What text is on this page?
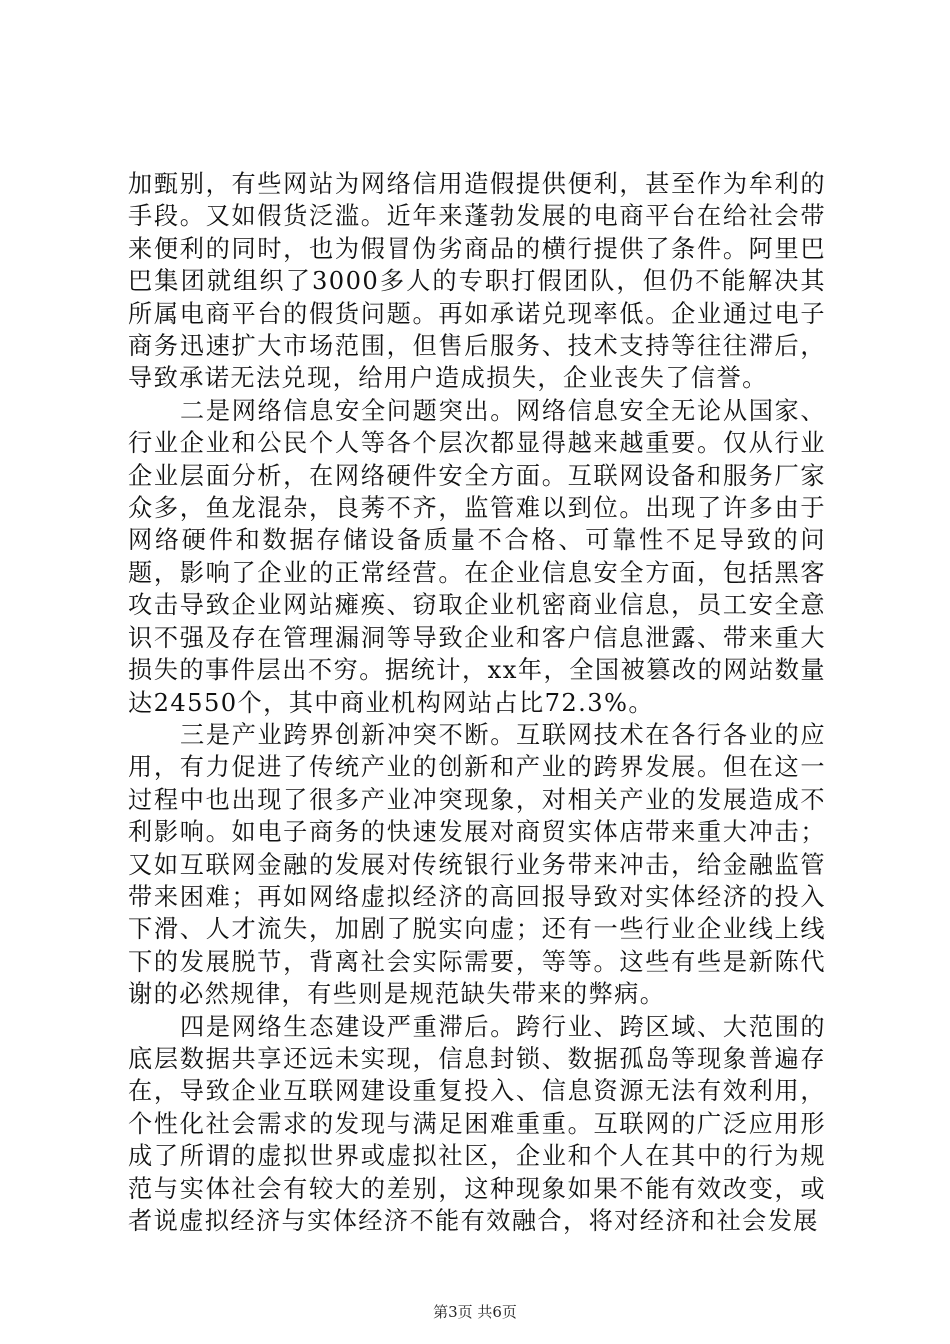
加甄别，有些网站为网络信用造假提供便利，甚至作为牟利的手段。又如假货泛滥。近年来蓬勃发展的电商平台在给社会带来便利的同时，也为假冒伪劣商品的横行提供了条件。阿里巴巴集团就组织了3000多人的专职打假团队，但仍不能解决其所属电商平台的假货问题。再如承诺兑现率低。企业通过电子商务迅速扩大市场范围，但售后服务、技术支持等往往滞后，导致承诺无法兑现，给用户造成损失，企业丧失了信誉。

二是网络信息安全问题突出。网络信息安全无论从国家、行业企业和公民个人等各个层次都显得越来越重要。仅从行业企业层面分析，在网络硬件安全方面。互联网设备和服务厂家众多，鱼龙混杂，良莠不齐，监管难以到位。出现了许多由于网络硬件和数据存储设备质量不合格、可靠性不足导致的问题，影响了企业的正常经营。在企业信息安全方面，包括黑客攻击导致企业网站瘫痪、窃取企业机密商业信息，员工安全意识不强及存在管理漏洞等导致企业和客户信息泄露、带来重大损失的事件层出不穷。据统计，xx年，全国被篡改的网站数量达24550个，其中商业机构网站占比72.3%。

三是产业跨界创新冲突不断。互联网技术在各行各业的应用，有力促进了传统产业的创新和产业的跨界发展。但在这一过程中也出现了很多产业冲突现象，对相关产业的发展造成不利影响。如电子商务的快速发展对商贸实体店带来重大冲击；又如互联网金融的发展对传统银行业务带来冲击，给金融监管带来困难；再如网络虚拟经济的高回报导致对实体经济的投入下滑、人才流失，加剧了脱实向虚；还有一些行业企业线上线下的发展脱节，背离社会实际需要，等等。这些有些是新陈代谢的必然规律，有些则是规范缺失带来的弊病。

四是网络生态建设严重滞后。跨行业、跨区域、大范围的底层数据共享还远未实现，信息封锁、数据孤岛等现象普遍存在，导致企业互联网建设重复投入、信息资源无法有效利用，个性化社会需求的发现与满足困难重重。互联网的广泛应用形成了所谓的虚拟世界或虚拟社区，企业和个人在其中的行为规范与实体社会有较大的差别，这种现象如果不能有效改变，或者说虚拟经济与实体经济不能有效融合，将对经济和社会发展

第3页 共6页
